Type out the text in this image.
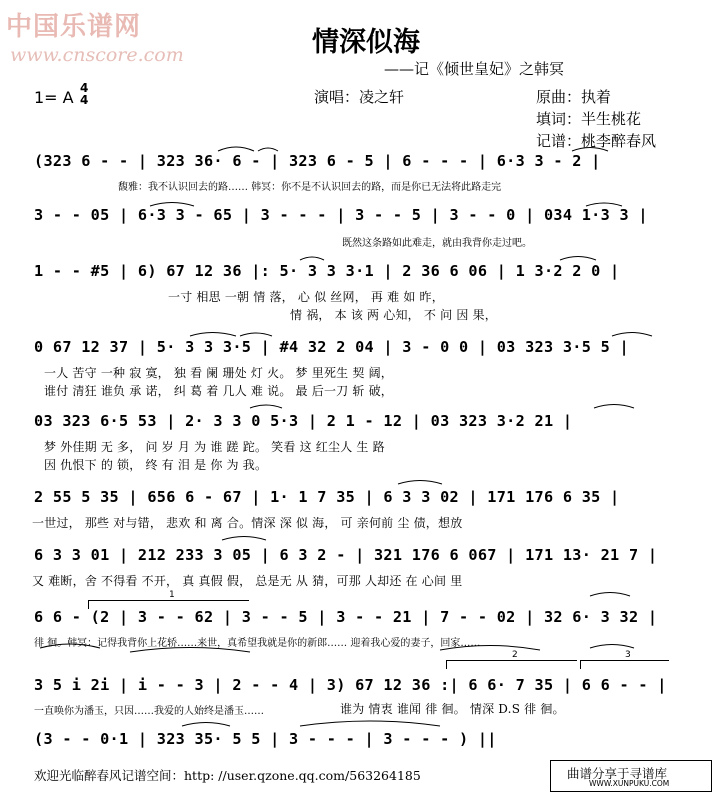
中国乐谱网
www.cnscore.com	情深似海
——记《倾世皇妃》之韩冥
1= A 4
4	演唱：凌之轩	原曲：执着
填词：半生桃花
记谱：桃李醉春风
(323 6 - - | 323 36· 6 - | 323 6 - 5 | 6 - - - | 6·3 3 - 2 |
馥雅：我不认识回去的路…… 韩冥：你不是不认识回去的路，而是你已无法将此路走完
3 - - 05 | 6·3 3 - 65 | 3 - - - | 3 - - 5 | 3 - - 0 | 034 1·3 3 |
既然这条路如此难走，就由我背你走过吧。
1 - - #5 | 6) 67 12 36 |: 5· 3 3 3·1 | 2 36 6 06 | 1 3·2 2 0 |
一寸 相思 一朝 情 落， 心 似 丝网， 再 难 如 昨，
情 祸， 本 该 两 心知， 不 问 因 果，
0 67 12 37 | 5· 3 3 3·5 | #4 32 2 04 | 3 - 0 0 | 03 323 3·5 5 |
一人 苦守 一种 寂 寞， 独 看 阑 珊处 灯 火。 梦 里死生 契 阔，
谁付 清狂 谁负 承 诺， 纠 葛 着 几人 难 说。 最 后一刀 斩 破，
03 323 6·5 53 | 2· 3 3 0 5·3 | 2 1 - 12 | 03 323 3·2 21 |
梦 外佳期 无 多， 问 岁 月 为 谁 蹉 跎。 笑看 这 红尘人 生 路
因 仇恨下 的 锁， 终 有 泪 是 你 为 我。
2 55 5 35 | 656 6 - 67 | 1· 1 7 35 | 6 3 3 02 | 171 176 6 35 |
一世过， 那些 对与错， 悲欢 和 离 合。情深 深 似 海， 可 亲何前 尘 债，想放
6 3 3 01 | 212 233 3 05 | 6 3 2 - | 321 176 6 067 | 171 13· 21 7 |
又 难断，舍 不得看 不开， 真 真假 假， 总是无 从 猜，可那 人却还 在 心间 里
1
6 6 - (2 | 3 - - 62 | 3 - - 5 | 3 - - 21 | 7 - - 02 | 32 6· 3 32 |
徘 徊。韩冥：记得我背你上花轿……来世，真希望我就是你的新郎…… 迎着我心爱的妻子，回家……
2	3
3 5 i 2i | i - - 3 | 2 - - 4 | 3) 67 12 36 :| 6 6· 7 35 | 6 6 - - |
一直唤你为潘玉，只因……我爱的人始终是潘玉……	谁为 情衷 谁闻 徘 徊。 情深 D.S 徘 徊。
(3 - - 0·1 | 323 35· 5 5 | 3 - - - | 3 - - - ) ||
欢迎光临醉春风记谱空间：http: //user.qzone.qq.com/563264185	曲谱分享于寻谱库
WWW.XUNPUKU.COM
